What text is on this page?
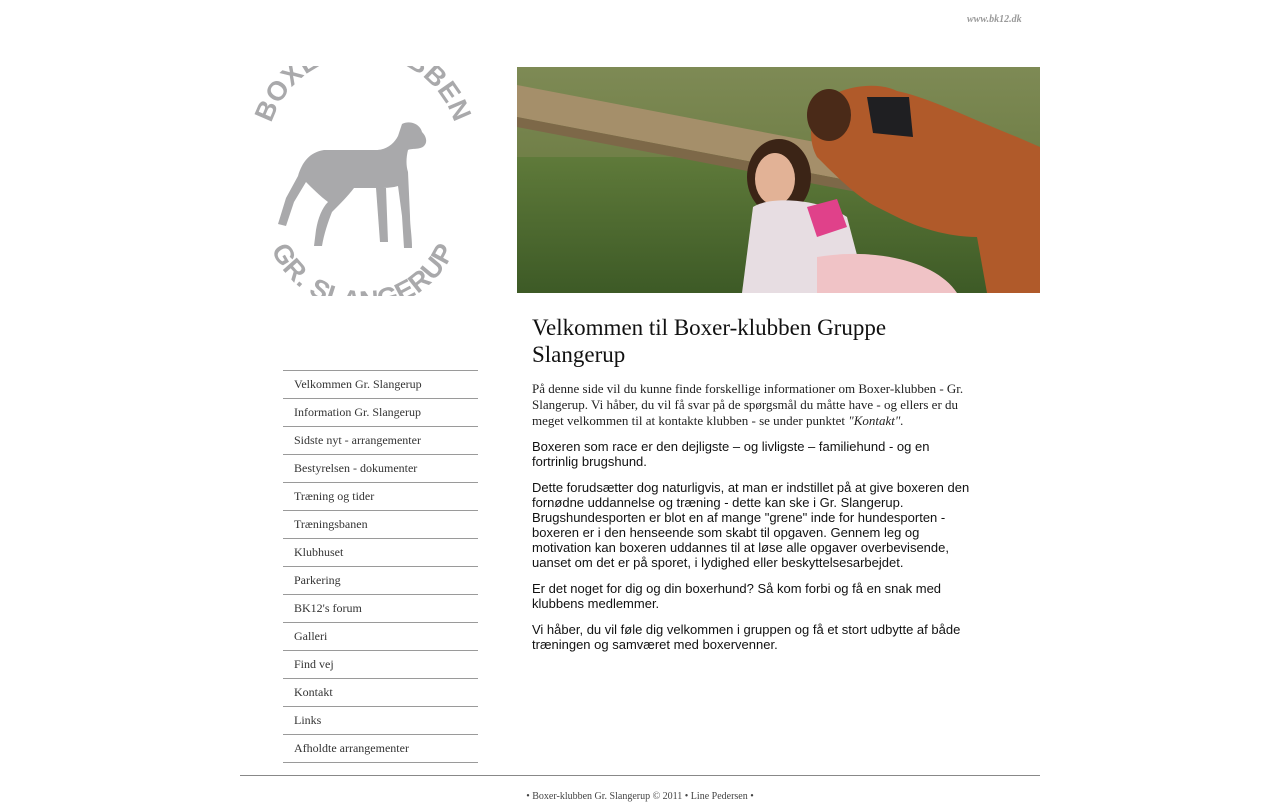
www.bk12.dk
BOX BEN
GR. S ERUP
Velkommen Gr. Slangerup
Information Gr. Slangerup
Sidste nyt - arrangementer
Bestyrelsen - dokumenter
Træning og tider
Træningsbanen
Klubhuset
Parkering
BK12's forum
Galleri
Find vej
Kontakt
Links
Afholdte arrangementer
Velkommen til Boxer-klubben Gruppe Slangerup

På denne side vil du kunne finde forskellige informationer om Boxer-klubben - Gr. Slangerup. Vi håber, du vil få svar på de spørgsmål du måtte have - og ellers er du meget velkommen til at kontakte klubben - se under punktet "Kontakt".

Boxeren som race er den dejligste – og livligste – familiehund - og en fortrinlig brugshund.

Dette forudsætter dog naturligvis, at man er indstillet på at give boxeren den fornødne uddannelse og træning - dette kan ske i Gr. Slangerup. Brugshundesporten er blot en af mange "grene" inde for hundesporten - boxeren er i den henseende som skabt til opgaven. Gennem leg og motivation kan boxeren uddannes til at løse alle opgaver overbevisende, uanset om det er på sporet, i lydighed eller beskyttelsesarbejdet.

Er det noget for dig og din boxerhund? Så kom forbi og få en snak med klubbens medlemmer.

Vi håber, du vil føle dig velkommen i gruppen og få et stort udbytte af både træningen og samværet med boxervenner.

• Boxer-klubben Gr. Slangerup © 2011 • Line Pedersen •
